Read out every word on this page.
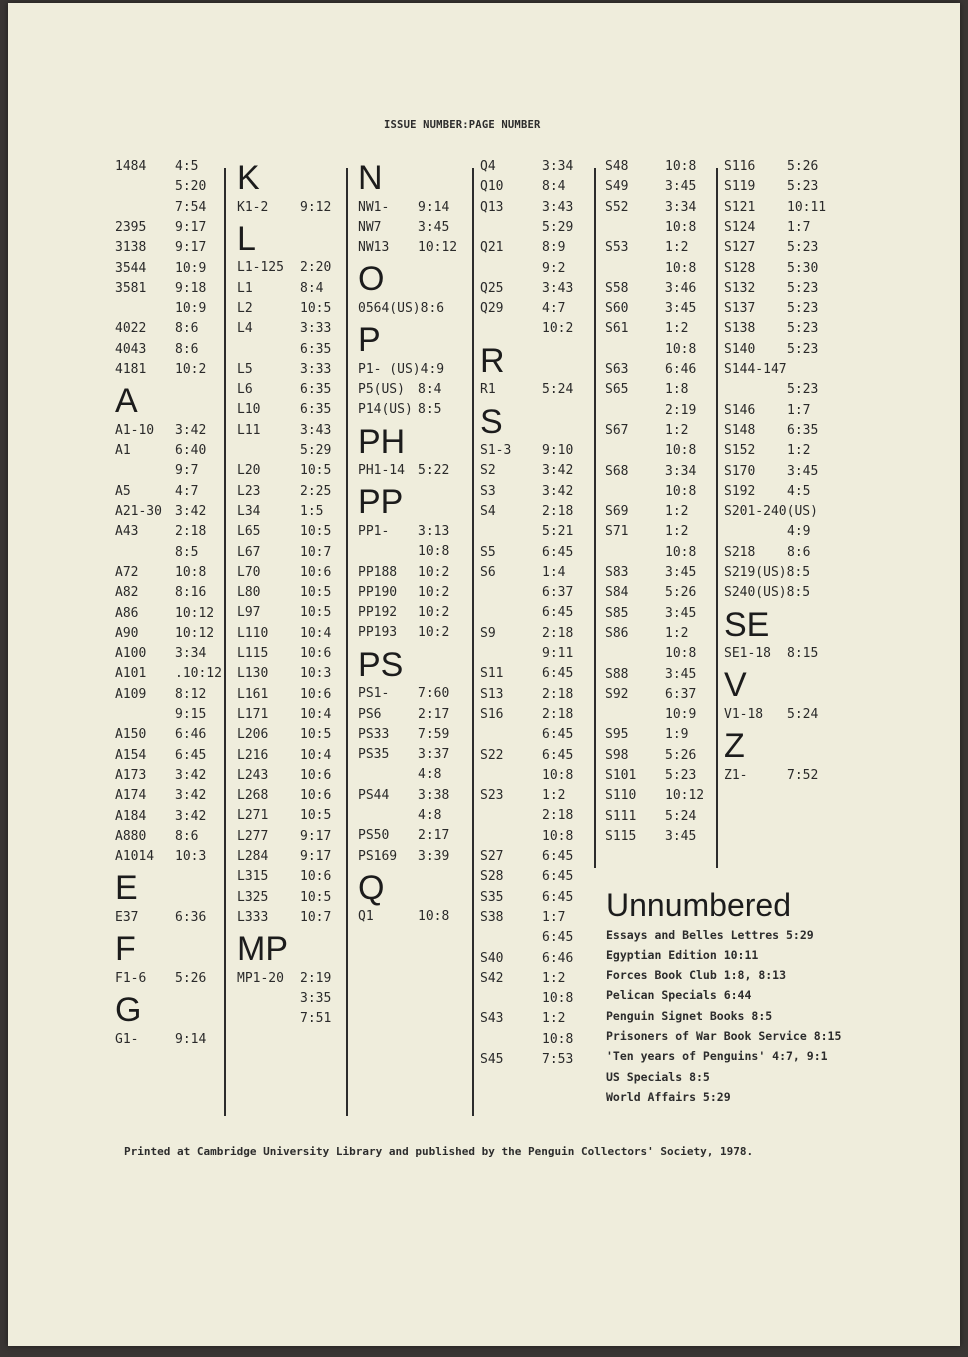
ISSUE NUMBER:PAGE NUMBER
1484 4:5
5:20
7:54
2395 9:17
3138 9:17
3544 10:9
3581 9:18
10:9
4022 8:6
4043 8:6
4181 10:2
A
A1-10 3:42
A1	6:40
9:7
A5	4:7
A21-30 3:42
A43	2:18
8:5
A72	10:8
A82	8:16
A86	10:12
A90	10:12
A100 3:34
A101 .10:12
A109 8:12
9:15
A150 6:46
A154 6:45
A173 3:42
A174 3:42
A184 3:42
A880 8:6
A1014 10:3
E
E37	6:36
F
F1-6 5:26
G
G1-	9:14
K
K1-2 9:12
L
L1-125 2:20
L1	8:4
L2	10:5
L4	3:33
6:35
L5	3:33
L6	6:35
L10	6:35
L11	3:43
5:29
L20	10:5
L23	2:25
L34	1:5
L65	10:5
L67	10:7
L70	10:6
L80	10:5
L97	10:5
L110 10:4
L115 10:6
L130 10:3
L161 10:6
L171 10:4
L206 10:5
L216 10:4
L243 10:6
L268 10:6
L271 10:5
L277 9:17
L284 9:17
L315 10:6
L325 10:5
L333 10:7
MP
MP1-20 2:19
3:35
7:51
N
NW1- 9:14
NW7	3:45
NW13 10:12
O
0564(US)8:6
P
P1- (US)4:9
P5(US) 8:4
P14(US) 8:5
PH
PH1-14 5:22
PP
PP1- 3:13
10:8
PP188 10:2
PP190 10:2
PP192 10:2
PP193 10:2
PS
PS1- 7:60
PS6	2:17
PS33 7:59
PS35 3:37
4:8
PS44 3:38
4:8
PS50 2:17
PS169 3:39
Q
Q1	10:8
Q4	3:34
Q10	8:4
Q13	3:43
5:29
Q21	8:9
9:2
Q25	3:43
Q29	4:7
10:2
R
R1	5:24
S
S1-3 9:10
S2	3:42
S3	3:42
S4	2:18
5:21
S5	6:45
S6	1:4
6:37
6:45
S9	2:18
9:11
S11	6:45
S13	2:18
S16	2:18
6:45
S22	6:45
10:8
S23	1:2
2:18
10:8
S27	6:45
S28	6:45
S35	6:45
S38	1:7
6:45
S40	6:46
S42	1:2
10:8
S43	1:2
10:8
S45	7:53
S48	10:8
S49	3:45
S52	3:34
10:8
S53	1:2
10:8
S58	3:46
S60	3:45
S61	1:2
10:8
S63	6:46
S65	1:8
2:19
S67	1:2
10:8
S68	3:34
10:8
S69	1:2
S71	1:2
10:8
S83	3:45
S84	5:26
S85	3:45
S86	1:2
10:8
S88	3:45
S92	6:37
10:9
S95	1:9
S98	5:26
S101 5:23
S110 10:12
S111 5:24
S115 3:45
S116 5:26
S119 5:23
S121 10:11
S124 1:7
S127 5:23
S128 5:30
S132 5:23
S137 5:23
S138 5:23
S140 5:23
S144-147
5:23
S146 1:7
S148 6:35
S152 1:2
S170 3:45
S192 4:5
S201-240(US)
4:9
S218 8:6
S219(US)8:5
S240(US)8:5
SE
SE1-18 8:15
V
V1-18 5:24
Z
Z1-	7:52
Unnumbered
Essays and Belles Lettres 5:29
Egyptian Edition 10:11
Forces Book Club 1:8, 8:13
Pelican Specials 6:44
Penguin Signet Books 8:5
Prisoners of War Book Service 8:15
'Ten years of Penguins' 4:7, 9:1
US Specials 8:5
World Affairs 5:29
Printed at Cambridge University Library and published by the Penguin Collectors' Society, 1978.
